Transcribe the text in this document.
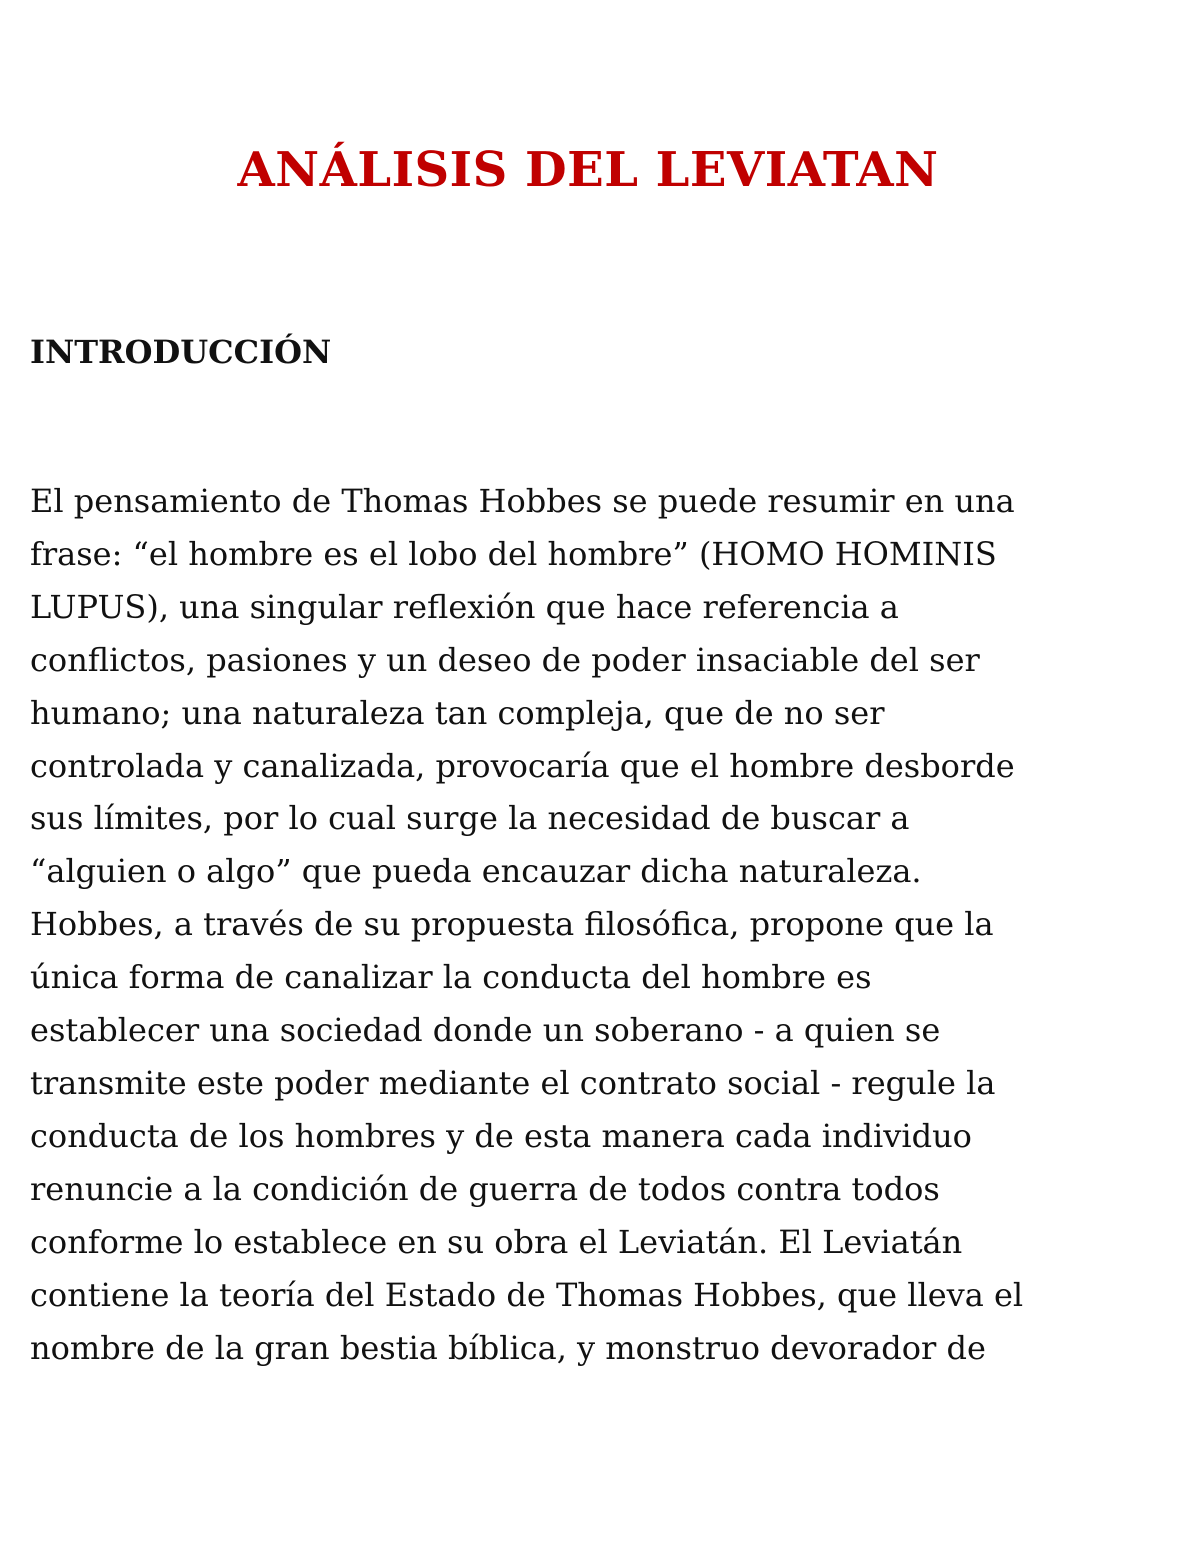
ANÁLISIS DEL LEVIATAN
INTRODUCCIÓN
El pensamiento de Thomas Hobbes se puede resumir en una
frase: “el hombre es el lobo del hombre” (HOMO HOMINIS
LUPUS), una singular reflexión que hace referencia a
conflictos, pasiones y un deseo de poder insaciable del ser
humano; una naturaleza tan compleja, que de no ser
controlada y canalizada, provocaría que el hombre desborde
sus límites, por lo cual surge la necesidad de buscar a
“alguien o algo” que pueda encauzar dicha naturaleza.
Hobbes, a través de su propuesta filosófica, propone que la
única forma de canalizar la conducta del hombre es
establecer una sociedad donde un soberano - a quien se
transmite este poder mediante el contrato social - regule la
conducta de los hombres y de esta manera cada individuo
renuncie a la condición de guerra de todos contra todos
conforme lo establece en su obra el Leviatán. El Leviatán
contiene la teoría del Estado de Thomas Hobbes, que lleva el
nombre de la gran bestia bíblica, y monstruo devorador de
